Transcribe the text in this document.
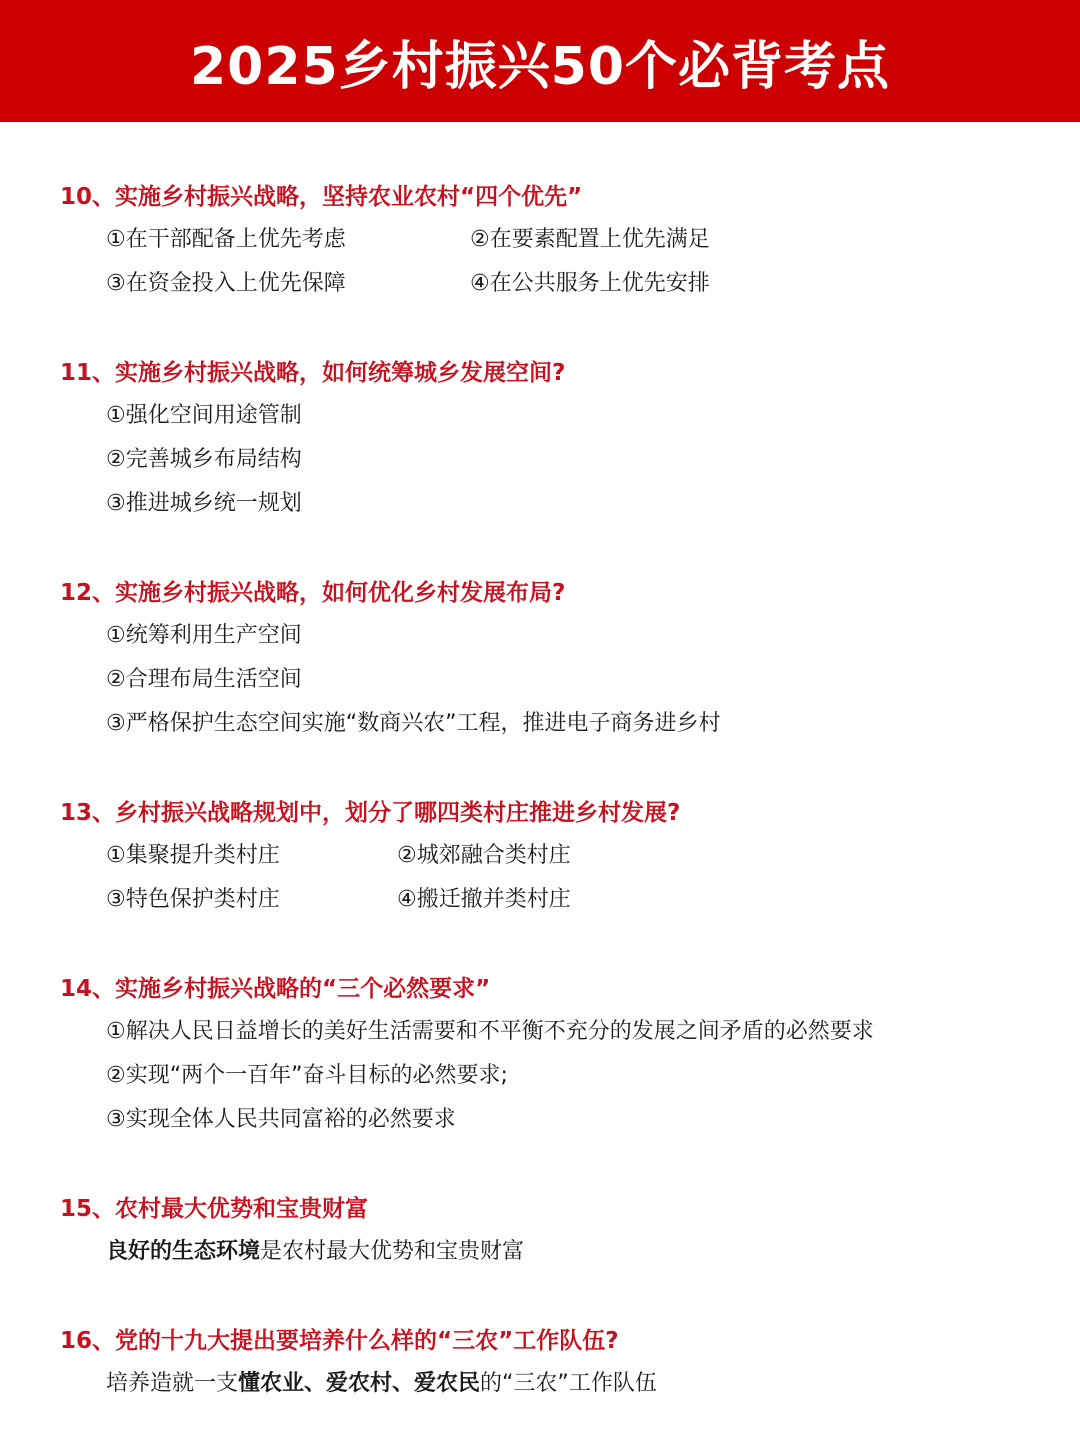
2025乡村振兴50个必背考点
10、实施乡村振兴战略，坚持农业农村“四个优先”
①在干部配备上优先考虑	②在要素配置上优先满足
③在资金投入上优先保障	④在公共服务上优先安排
11、实施乡村振兴战略，如何统筹城乡发展空间?
①强化空间用途管制
②完善城乡布局结构
③推进城乡统一规划
12、实施乡村振兴战略，如何优化乡村发展布局?
①统筹利用生产空间
②合理布局生活空间
③严格保护生态空间实施“数商兴农”工程，推进电子商务进乡村
13、乡村振兴战略规划中，划分了哪四类村庄推进乡村发展?
①集聚提升类村庄	②城郊融合类村庄
③特色保护类村庄	④搬迁撤并类村庄
14、实施乡村振兴战略的“三个必然要求”
①解决人民日益增长的美好生活需要和不平衡不充分的发展之间矛盾的必然要求
②实现“两个一百年”奋斗目标的必然要求;
③实现全体人民共同富裕的必然要求
15、农村最大优势和宝贵财富
良好的生态环境是农村最大优势和宝贵财富
16、党的十九大提出要培养什么样的“三农”工作队伍?
培养造就一支懂农业、爱农村、爱农民的“三农”工作队伍
